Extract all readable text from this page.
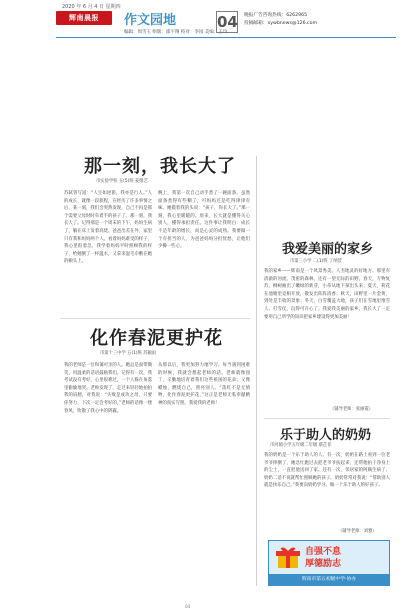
2020 年 6 月 4 日 星期四
辉南晨报	作文园地
编辑：周雪玉 组版：邵宇翔 校对：李园 美编：王玲
04 晚报广告咨询热线：6262965
投稿邮箱：xywbnews@126.com
那一刻，我长大了
市实验学校 五(5)班 姜维艺
苏轼曾写道：“人生如逆旅，我亦是行人。”人的成长，就像一段旅程，在经历了许多事情之后，某一刻，我们会突然发现，自己不再是那个需要父母时时牵着手的孩子了。那一刻，我长大了。记得那是一个周末的下午，妈妈生病了，躺在床上发着高烧。爸爸出差在外，家里只有我和妈妈两个人。看着妈妈难受的样子，我心里很着急，我学着妈妈平时照顾我的样子，给她倒了一杯温水，又拿来湿毛巾敷在她的额头上。
晚上，我第一次自己动手煮了一碗面条。虽然面条煮得有些糊了，可妈妈还是吃得津津有味。她摸着我的头说：“孩子，你长大了。”那一刻，我心里暖暖的。原来，长大就是懂得关心别人，懂得承担责任。这件事让我明白：成长不是年龄的增长，而是心灵的成熟。我要做一个有担当的人，为爸爸妈妈分担忧愁，让他们少操一些心。
化作春泥更护花
市第十三中学 五(1)班 苏颖雨
我的老师是一位和蔼可亲的人。她总是面带微笑，用温柔的话语鼓励我们。记得有一次，我考试没有考好，心里很难过，一个人躲在角落里偷偷地哭。老师发现了，走过来轻轻地拍拍我的肩膀，对我说：“失败是成功之母，只要你努力，下次一定会考好的。”老师的话像一缕春风，吹散了我心中的阴霾。
从那以后，我更加努力地学习。每当遇到困难的时候，我就会想起老师的话。老师就像园丁，辛勤地培育着我们这些祖国的花朵；又像蜡烛，燃烧自己，照亮别人。“落红不是无情物，化作春泥更护花。”这正是老师无私奉献精神的真实写照。我爱我的老师！
我爱美丽的家乡
市第三小学 二(1)班 丁纳萱
我的家乡——辉南是一个风景秀美、人杰地灵的好地方。那里有清澈的河流、茂密的森林，还有一望无际的田野。春天，万物复苏，柳树抽出了嫩绿的新芽，小草从地下探出头来；夏天，荷花在池塘里竞相开放，散发出阵阵清香；秋天，田野里一片金黄，到处是丰收的景象；冬天，白雪覆盖大地，孩子们在雪地里堆雪人、打雪仗，玩得可开心了。我爱我美丽的家乡，我长大了一定要用自己所学的知识把家乡建设得更加美丽！
（辅导老师：张丽霞）
乐于助人的奶奶
市河镇小学五年级二年级 蔡芷菲
我的奶奶是一个乐于助人的人。有一次，奶奶在路上看到一位老爷爷摔倒了，她急忙跑过去把老爷爷扶起来，还帮他拍干净身上的尘土，一直把他送回了家。还有一次，邻居家的阿姨生病了，奶奶二话不说就帮忙照顾她的孩子。奶奶常常对我说：“帮助别人就是快乐自己。”我要向奶奶学习，做一个乐于助人的好孩子。
（辅导老师：刘雅）
自强不息
厚德励志
辉南市第五初级中学·协办
04
